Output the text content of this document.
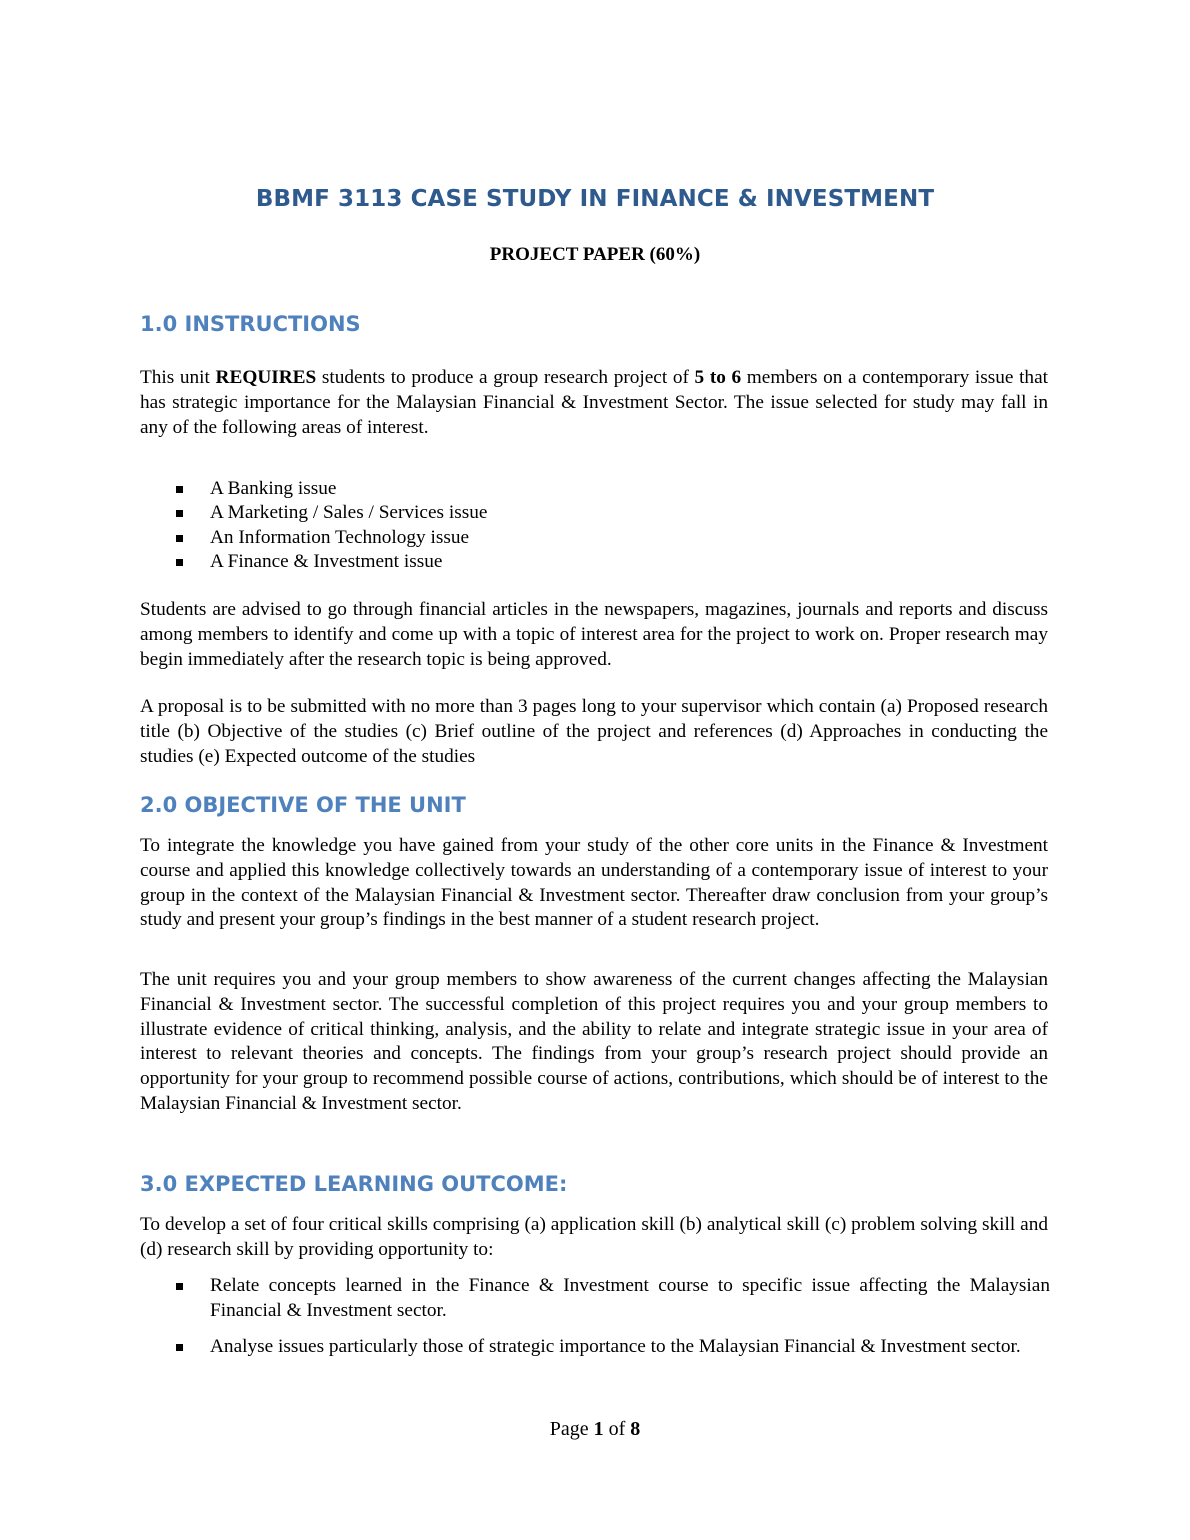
BBMF 3113 CASE STUDY IN FINANCE & INVESTMENT
PROJECT PAPER (60%)
1.0 INSTRUCTIONS

This unit REQUIRES students to produce a group research project of 5 to 6 members on a contemporary issue that has strategic importance for the Malaysian Financial & Investment Sector. The issue selected for study may fall in any of the following areas of interest.

A Banking issue
A Marketing / Sales / Services issue
An Information Technology issue
A Finance & Investment issue

Students are advised to go through financial articles in the newspapers, magazines, journals and reports and discuss among members to identify and come up with a topic of interest area for the project to work on. Proper research may begin immediately after the research topic is being approved.

A proposal is to be submitted with no more than 3 pages long to your supervisor which contain (a) Proposed research title (b) Objective of the studies (c) Brief outline of the project and references (d) Approaches in conducting the studies (e) Expected outcome of the studies

2.0 OBJECTIVE OF THE UNIT

To integrate the knowledge you have gained from your study of the other core units in the Finance & Investment course and applied this knowledge collectively towards an understanding of a contemporary issue of interest to your group in the context of the Malaysian Financial & Investment sector. Thereafter draw conclusion from your group’s study and present your group’s findings in the best manner of a student research project.

The unit requires you and your group members to show awareness of the current changes affecting the Malaysian Financial & Investment sector. The successful completion of this project requires you and your group members to illustrate evidence of critical thinking, analysis, and the ability to relate and integrate strategic issue in your area of interest to relevant theories and concepts. The findings from your group’s research project should provide an opportunity for your group to recommend possible course of actions, contributions, which should be of interest to the Malaysian Financial & Investment sector.

3.0 EXPECTED LEARNING OUTCOME:

To develop a set of four critical skills comprising (a) application skill (b) analytical skill (c) problem solving skill and (d) research skill by providing opportunity to:

Relate concepts learned in the Finance & Investment course to specific issue affecting the Malaysian Financial & Investment sector.
Analyse issues particularly those of strategic importance to the Malaysian Financial & Investment sector.
Page 1 of 8
